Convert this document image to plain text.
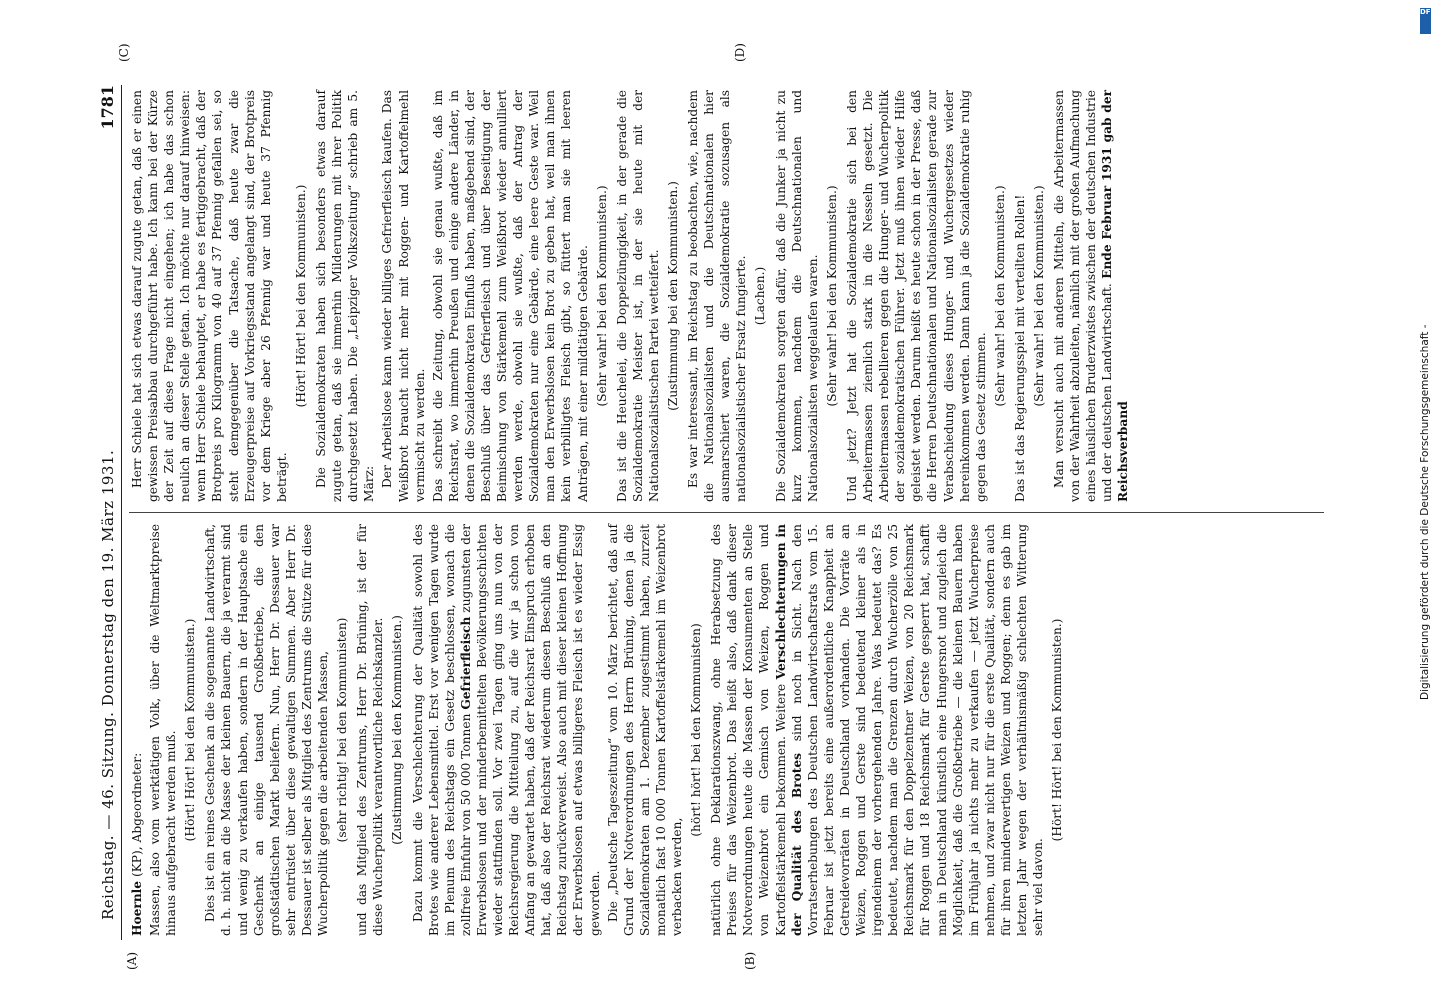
Reichstag. — 46. Sitzung. Donnerstag den 19. März 1931.
1781
(A)	(B)
(C)	(D)

Hoernle (KP), Abgeordneter: Massen, also vom werktätigen Volk, über die Weltmarktpreise hinaus aufgebracht werden muß. (Hört! Hört! bei den Kommunisten.) Dies ist ein reines Geschenk an die sogenannte Landwirtschaft, d. h. nicht an die Masse der kleinen Bauern, die ja verarmt sind und wenig zu verkaufen haben, sondern in der Hauptsache ein Geschenk an einige tausend Großbetriebe, die den großstädtischen Markt beliefern. Nun, Herr Dr. Dessauer war sehr entrüstet über diese gewaltigen Summen. Aber Herr Dr. Dessauer ist selber als Mitglied des Zentrums die Stütze für diese Wucherpolitik gegen die arbeitenden Massen, (sehr richtig! bei den Kommunisten) und das Mitglied des Zentrums, Herr Dr. Brüning, ist der für diese Wucherpolitik verantwortliche Reichskanzler. (Zustimmung bei den Kommunisten.) Dazu kommt die Verschlechterung der Qualität sowohl des Brotes wie anderer Lebensmittel. Erst vor wenigen Tagen wurde im Plenum des Reichstags ein Gesetz beschlossen, wonach die zollfreie Einfuhr von 50 000 Tonnen Gefrierfleisch zugunsten der Erwerbslosen und der minderbemittelten Bevölkerungsschichten wieder stattfinden soll. Vor zwei Tagen ging uns nun von der Reichsregierung die Mitteilung zu, auf die wir ja schon von Anfang an gewartet haben, daß der Reichsrat Einspruch erhoben hat, daß also der Reichsrat wiederum diesen Beschluß an den Reichstag zurückverweist. Also auch mit dieser kleinen Hoffnung der Erwerbslosen auf etwas billigeres Fleisch ist es wieder Essig geworden. Die „Deutsche Tageszeitung“ vom 10. März berichtet, daß auf Grund der Notverordnungen des Herrn Brüning, denen ja die Sozialdemokraten am 1. Dezember zugestimmt haben, zurzeit monatlich fast 10 000 Tonnen Kartoffelstärkemehl im Weizenbrot verbacken werden,

(hört! hört! bei den Kommunisten) natürlich ohne Deklarationszwang, ohne Herabsetzung des Preises für das Weizenbrot. Das heißt also, daß dank dieser Notverordnungen heute die Massen der Konsumenten an Stelle von Weizenbrot ein Gemisch von Weizen, Roggen und Kartoffelstärkemehl bekommen. Weitere Verschlechterungen in der Qualität des Brotes sind noch in Sicht. Nach den Vorratserhebungen des Deutschen Landwirtschaftsrats vom 15. Februar ist jetzt bereits eine außerordentliche Knappheit an Getreidevorräten in Deutschland vorhanden. Die Vorräte an Weizen, Roggen und Gerste sind bedeutend kleiner als in irgendeinem der vorhergehenden Jahre. Was bedeutet das? Es bedeutet, nachdem man die Grenzen durch Wucherzölle von 25 Reichsmark für den Doppelzentner Weizen, von 20 Reichsmark für Roggen und 18 Reichsmark für Gerste gesperrt hat, schafft man in Deutschland künstlich eine Hungersnot und zugleich die Möglichkeit, daß die Großbetriebe — die kleinen Bauern haben im Frühjahr ja nichts mehr zu verkaufen — jetzt Wucherpreise nehmen, und zwar nicht nur für die erste Qualität, sondern auch für ihren minderwertigen Weizen und Roggen; denn es gab im letzten Jahr wegen der verhältnismäßig schlechten Witterung sehr viel davon.

(Hört! Hört! bei den Kommunisten.)

Herr Schiele hat sich etwas darauf zugute getan, daß er einen gewissen Preisabbau durchgeführt habe. Ich kann bei der Kürze der Zeit auf diese Frage nicht eingehen; ich habe das schon neulich an dieser Stelle getan. Ich möchte nur darauf hinweisen: wenn Herr Schiele behauptet, er habe es fertiggebracht, daß der Brotpreis pro Kilogramm von 40 auf 37 Pfennig gefallen sei, so steht demgegenüber die Tatsache, daß heute zwar die Erzeugerpreise auf Vorkriegsstand angelangt sind, der Brotpreis vor dem Kriege aber 26 Pfennig war und heute 37 Pfennig beträgt.

(Hört! Hört! bei den Kommunisten.) Die Sozialdemokraten haben sich besonders etwas darauf zugute getan, daß sie immerhin Milderungen mit ihrer Politik durchgesetzt haben. Die „Leipziger Volkszeitung“ schrieb am 5. März: Der Arbeitslose kann wieder billiges Gefrierfleisch kaufen. Das Weißbrot braucht nicht mehr mit Roggen- und Kartoffelmehl vermischt zu werden. Das schreibt die Zeitung, obwohl sie genau wußte, daß im Reichsrat, wo immerhin Preußen und einige andere Länder, in denen die Sozialdemokraten Einfluß haben, maßgebend sind, der Beschluß über das Gefrierfleisch und über Beseitigung der Beimischung von Stärkemehl zum Weißbrot wieder annulliert werden werde, obwohl sie wußte, daß der Antrag der Sozialdemokraten nur eine Gebärde, eine leere Geste war. Weil man den Erwerbslosen kein Brot zu geben hat, weil man ihnen kein verbilligtes Fleisch gibt, so füttert man sie mit leeren Anträgen, mit einer mildtätigen Gebärde. (Sehr wahr! bei den Kommunisten.) Das ist die Heuchelei, die Doppelzüngigkeit, in der gerade die Sozialdemokratie Meister ist, in der sie heute mit der Nationalsozialistischen Partei wetteifert. (Zustimmung bei den Kommunisten.) Es war interessant, im Reichstag zu beobachten, wie, nachdem die Nationalsozialisten und die Deutschnationalen hier ausmarschiert waren, die Sozialdemokratie sozusagen als nationalsozialistischer Ersatz fungierte. (Lachen.) Die Sozialdemokraten sorgten dafür, daß die Junker ja nicht zu kurz kommen, nachdem die Deutschnationalen und Nationalsozialisten weggelaufen waren. (Sehr wahr! bei den Kommunisten.) Und jetzt? Jetzt hat die Sozialdemokratie sich bei den Arbeitermassen ziemlich stark in die Nesseln gesetzt. Die Arbeitermassen rebellieren gegen die Hunger- und Wucherpolitik der sozialdemokratischen Führer. Jetzt muß ihnen wieder Hilfe geleistet werden. Darum heißt es heute schon in der Presse, daß die Herren Deutschnationalen und Nationalsozialisten gerade zur Verabschiedung dieses Hunger- und Wuchergesetzes wieder hereinkommen werden. Dann kann ja die Sozialdemokratie ruhig gegen das Gesetz stimmen.

(Sehr wahr! bei den Kommunisten.) Das ist das Regierungsspiel mit verteilten Rollen! (Sehr wahr! bei den Kommunisten.) Man versucht auch mit anderen Mitteln, die Arbeitermassen von der Wahrheit abzuleiten, nämlich mit der großen Aufmachung eines häuslichen Bruderzwistes zwischen der deutschen Industrie und der deutschen Landwirtschaft. Ende Februar 1931 gab der Reichsverband

DFG
Digitalisierung gefördert durch die Deutsche Forschungsgemeinschaft -
